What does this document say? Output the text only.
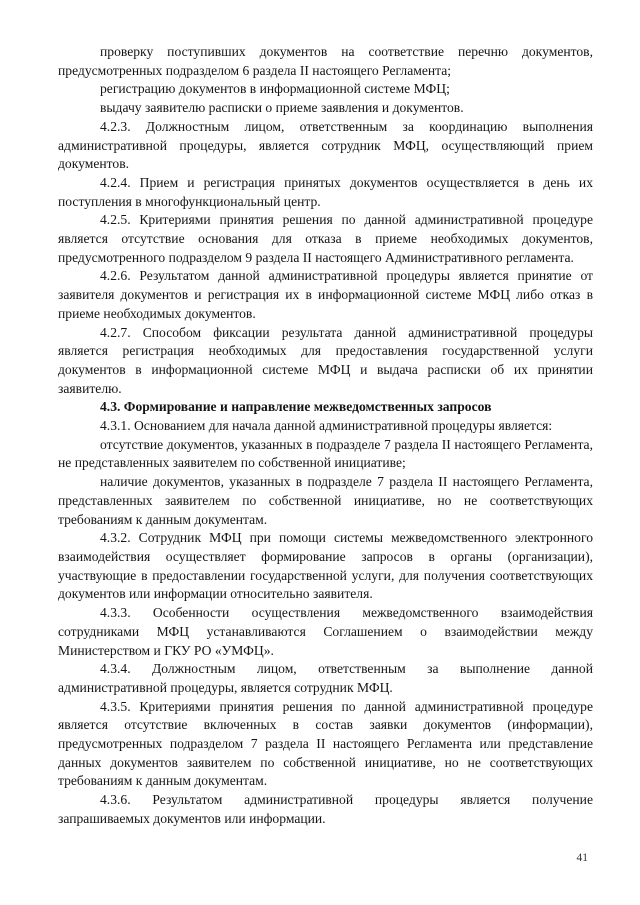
проверку поступивших документов на соответствие перечню документов, предусмотренных подразделом 6 раздела II настоящего Регламента;

регистрацию документов в информационной системе МФЦ;

выдачу заявителю расписки о приеме заявления и документов.

4.2.3. Должностным лицом, ответственным за координацию выполнения административной процедуры, является сотрудник МФЦ, осуществляющий прием документов.

4.2.4. Прием и регистрация принятых документов осуществляется в день их поступления в многофункциональный центр.

4.2.5. Критериями принятия решения по данной административной процедуре является отсутствие основания для отказа в приеме необходимых документов, предусмотренного подразделом 9 раздела II настоящего Административного регламента.

4.2.6. Результатом данной административной процедуры является принятие от заявителя документов и регистрация их в информационной системе МФЦ либо отказ в приеме необходимых документов.

4.2.7. Способом фиксации результата данной административной процедуры является регистрация необходимых для предоставления государственной услуги документов в информационной системе МФЦ и выдача расписки об их принятии заявителю.

4.3. Формирование и направление межведомственных запросов

4.3.1. Основанием для начала данной административной процедуры является:

отсутствие документов, указанных в подразделе 7 раздела II настоящего Регламента, не представленных заявителем по собственной инициативе;

наличие документов, указанных в подразделе 7 раздела II настоящего Регламента, представленных заявителем по собственной инициативе, но не соответствующих требованиям к данным документам.

4.3.2. Сотрудник МФЦ при помощи системы межведомственного электронного взаимодействия осуществляет формирование запросов в органы (организации), участвующие в предоставлении государственной услуги, для получения соответствующих документов или информации относительно заявителя.

4.3.3. Особенности осуществления межведомственного взаимодействия сотрудниками МФЦ устанавливаются Соглашением о взаимодействии между Министерством и ГКУ РО «УМФЦ».

4.3.4. Должностным лицом, ответственным за выполнение данной административной процедуры, является сотрудник МФЦ.

4.3.5. Критериями принятия решения по данной административной процедуре является отсутствие включенных в состав заявки документов (информации), предусмотренных подразделом 7 раздела II настоящего Регламента или представление данных документов заявителем по собственной инициативе, но не соответствующих требованиям к данным документам.

4.3.6. Результатом административной процедуры является получение запрашиваемых документов или информации.

41
